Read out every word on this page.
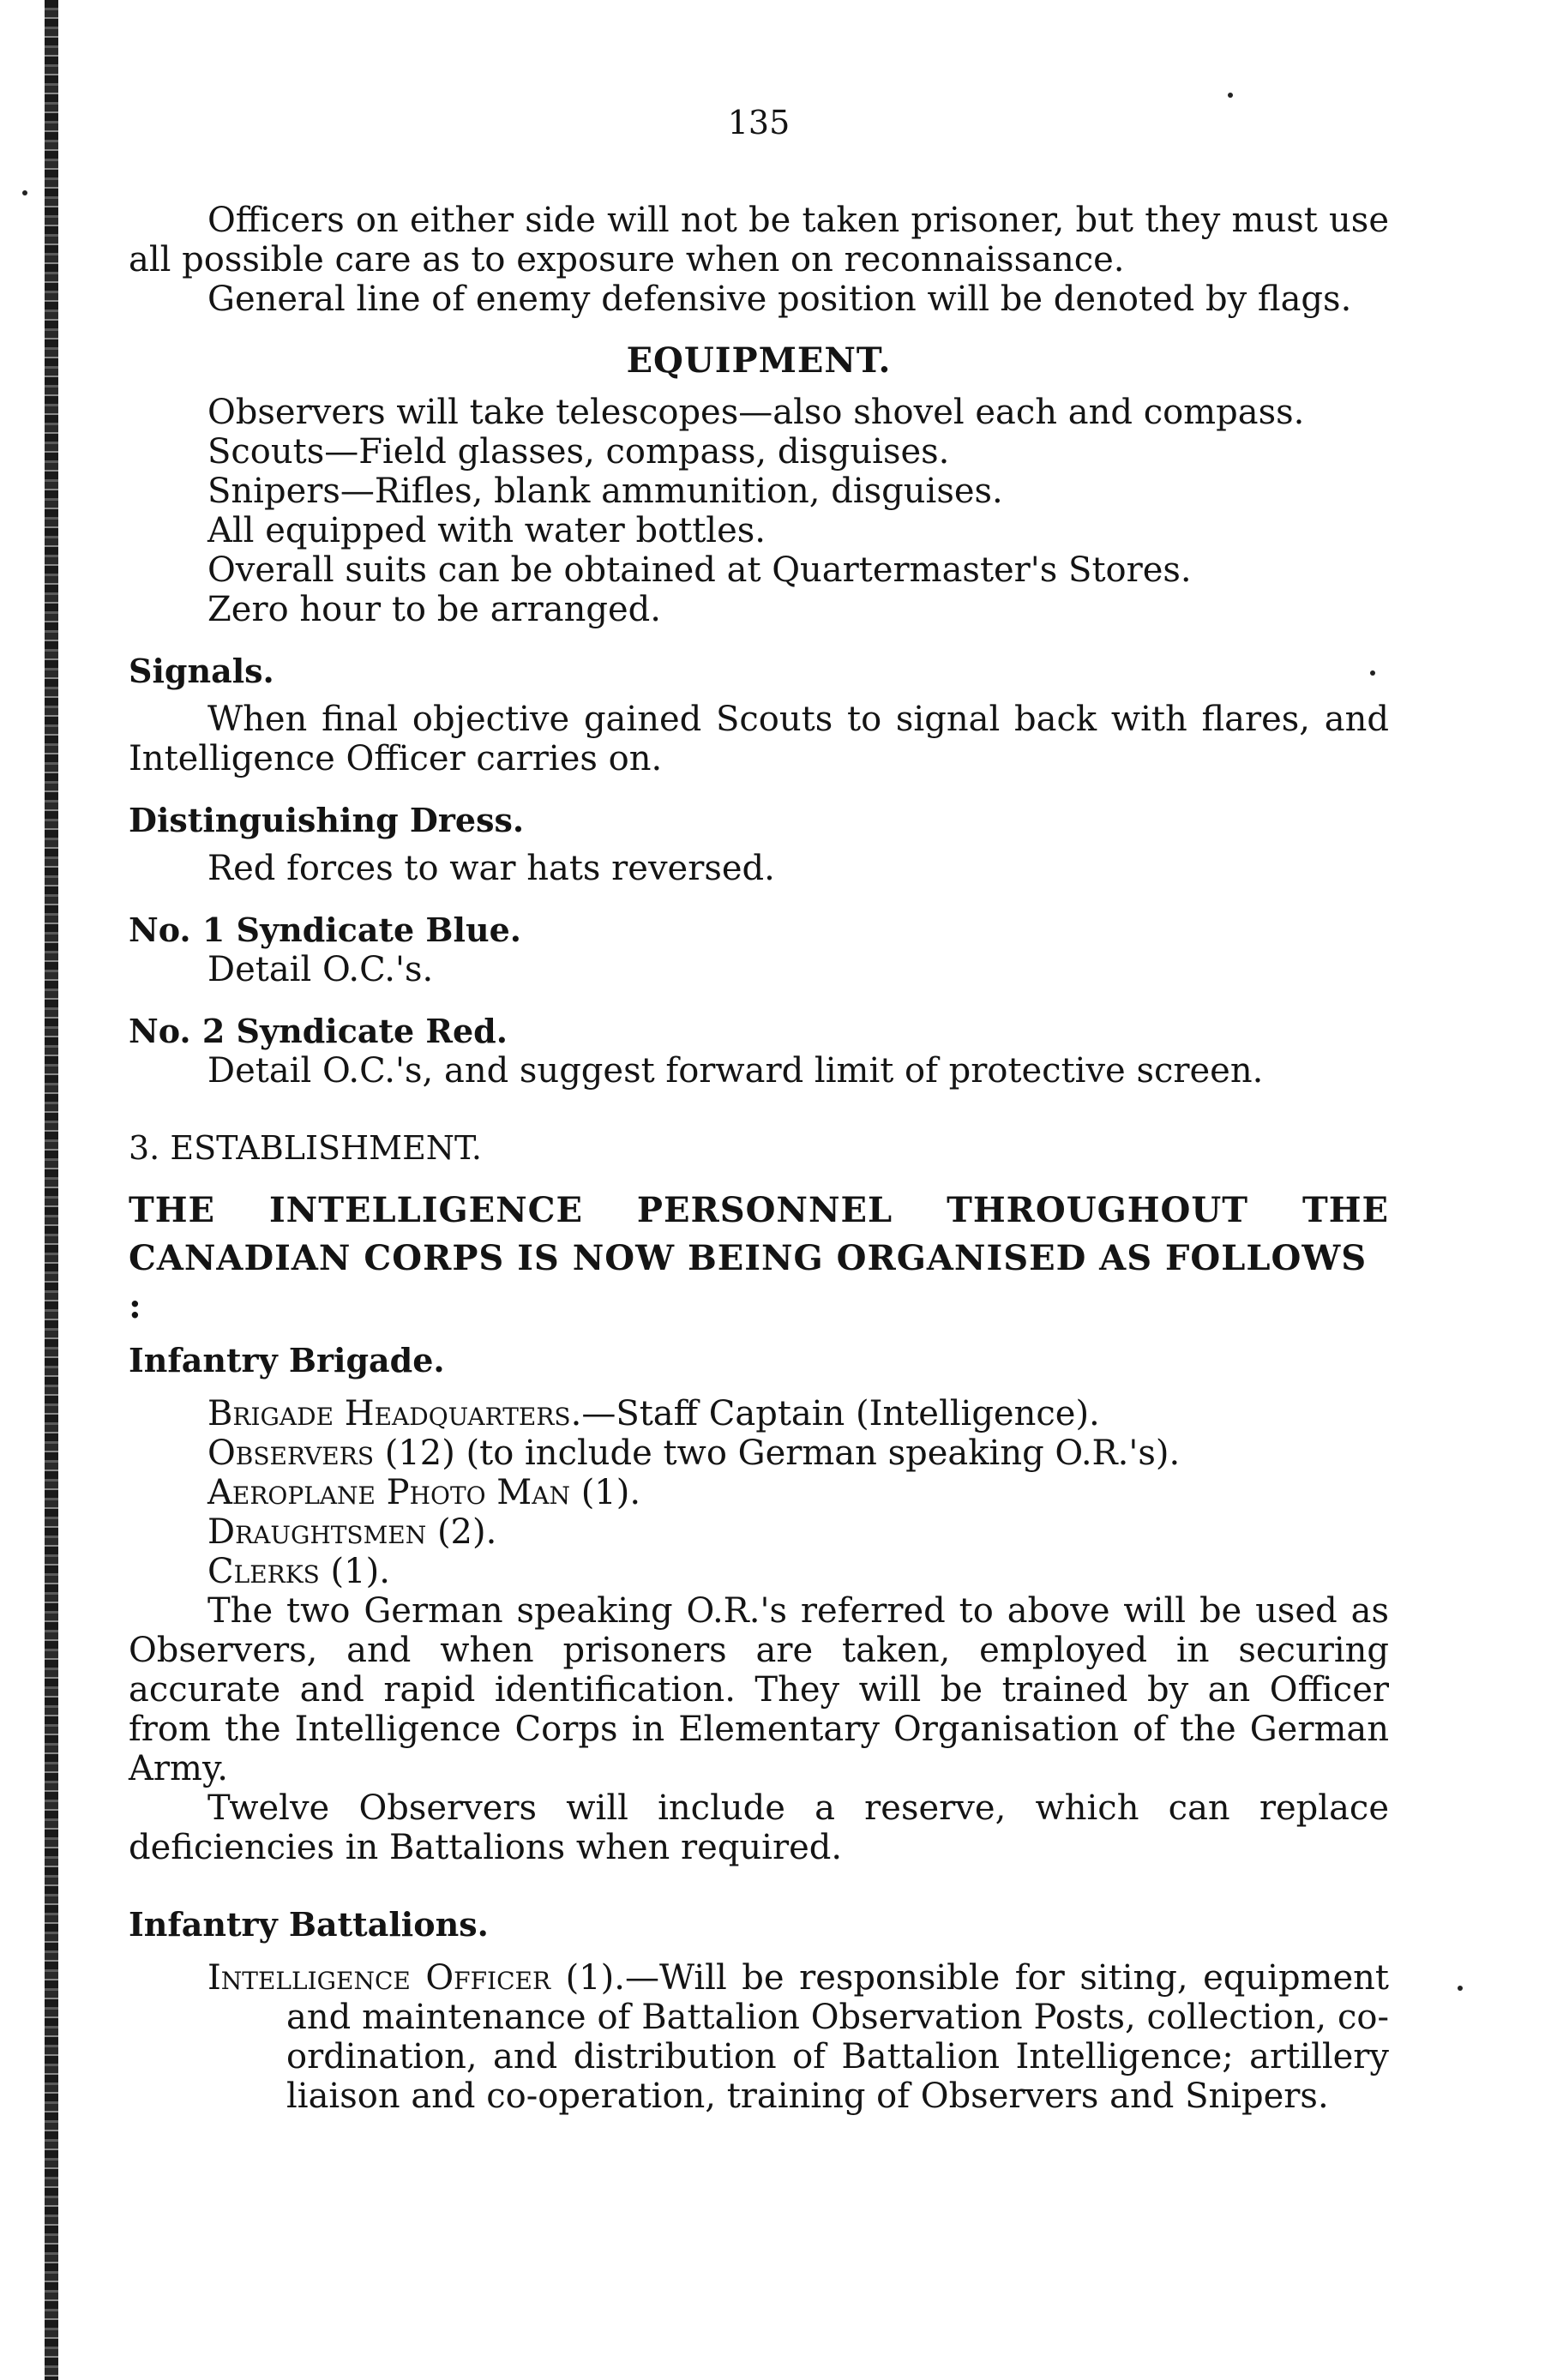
135

Officers on either side will not be taken prisoner, but they must use all possible care as to exposure when on reconnaissance.

General line of enemy defensive position will be denoted by flags.

EQUIPMENT.

Observers will take telescopes—also shovel each and compass.

Scouts—Field glasses, compass, disguises.

Snipers—Rifles, blank ammunition, disguises.

All equipped with water bottles.

Overall suits can be obtained at Quartermaster's Stores.

Zero hour to be arranged.

Signals.

When final objective gained Scouts to signal back with flares, and Intelligence Officer carries on.

Distinguishing Dress.

Red forces to war hats reversed.

No. 1 Syndicate Blue.

Detail O.C.'s.

No. 2 Syndicate Red.

Detail O.C.'s, and suggest forward limit of protective screen.

3. ESTABLISHMENT.
THE INTELLIGENCE PERSONNEL THROUGHOUT THE
CANADIAN CORPS IS NOW BEING ORGANISED AS FOLLOWS :
Infantry Brigade.

Brigade Headquarters.—Staff Captain (Intelligence).

Observers (12) (to include two German speaking O.R.'s).

Aeroplane Photo Man (1).

Draughtsmen (2).

Clerks (1).

The two German speaking O.R.'s referred to above will be used as Observers, and when prisoners are taken, employed in securing accurate and rapid identification. They will be trained by an Officer from the Intelligence Corps in Elementary Organisation of the German Army.

Twelve Observers will include a reserve, which can replace deficiencies in Battalions when required.

Infantry Battalions.

Intelligence Officer (1).—Will be responsible for siting, equipment and maintenance of Battalion Observation Posts, collection, co-ordination, and distribution of Battalion Intelligence; artillery liaison and co-operation, training of Observers and Snipers.
